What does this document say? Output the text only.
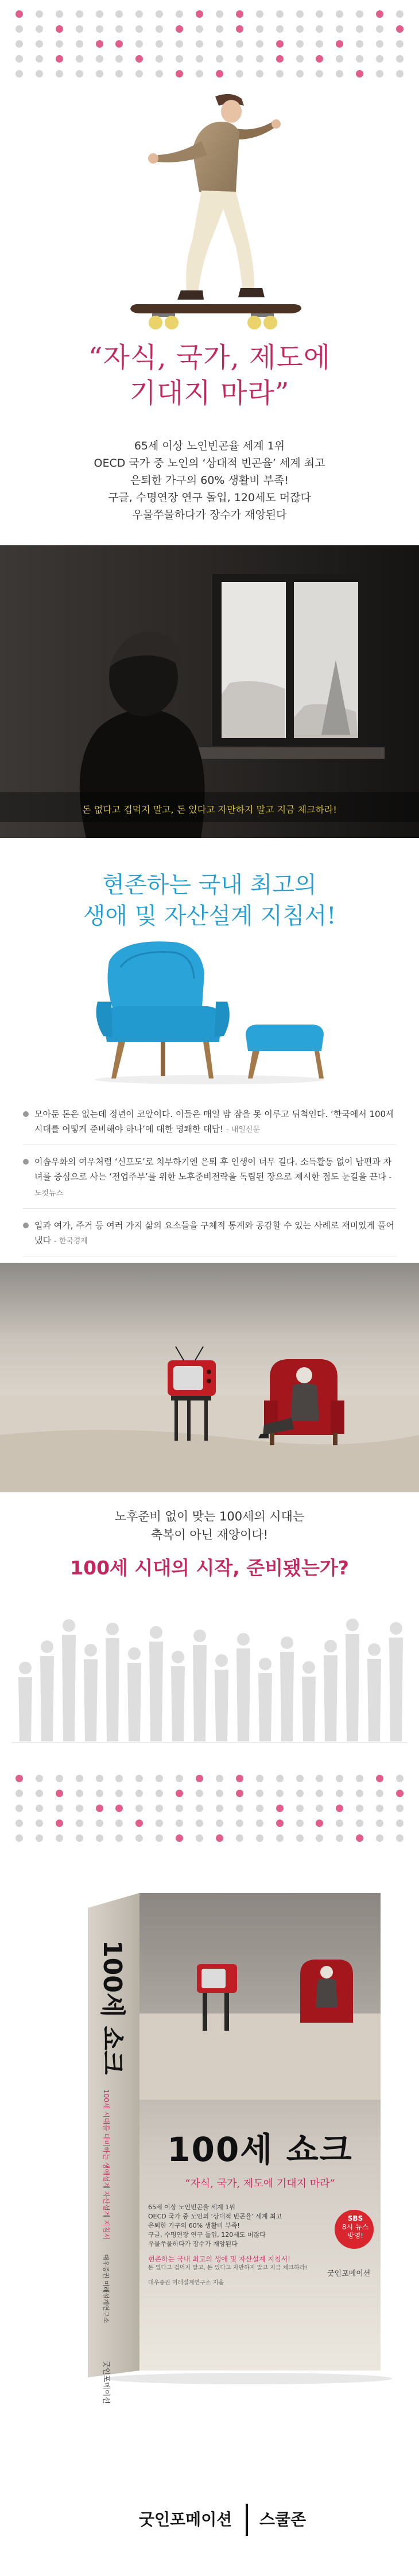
“자식, 국가, 제도에
기대지 마라”
65세 이상 노인빈곤율 세계 1위
OECD 국가 중 노인의 ‘상대적 빈곤율’ 세계 최고
은퇴한 가구의 60% 생활비 부족!
구글, 수명연장 연구 돌입, 120세도 머잖다
우물쭈물하다가 장수가 재앙된다
돈 없다고 겁먹지 말고, 돈 있다고 자만하지 말고 지금 체크하라!
현존하는 국내 최고의
생애 및 자산설계 지침서!
모아둔 돈은 없는데 정년이 코앞이다. 이들은 매일 밤 잠을 못 이루고 뒤척인다. ‘한국에서 100세 시대를 어떻게 준비해야 하나’에 대한 명쾌한 대답! - 내일신문
이솝우화의 여우처럼 ‘신포도’로 치부하기엔 은퇴 후 인생이 너무 길다. 소득활동 없이 남편과 자녀를 중심으로 사는 ‘전업주부’를 위한 노후준비전략을 독립된 장으로 제시한 점도 눈길을 끈다 - 노컷뉴스
일과 여가, 주거 등 여러 가지 삶의 요소들을 구체적 통계와 공감할 수 있는 사례로 재미있게 풀어냈다 - 한국경제
노후준비 없이 맞는 100세의 시대는
축복이 아닌 재앙이다!
100세 시대의 시작, 준비됐는가?
100세 쇼크 100세 시대를 대비하는 생애설계 자산설계 지침서 대우증권 미래설계연구소 굿인포메이션
100세 쇼크
“자식, 국가, 제도에 기대지 마라”
SBS
8시 뉴스
방영!
65세 이상 노인빈곤율 세계 1위
OECD 국가 중 노인의 ‘상대적 빈곤율’ 세계 최고
은퇴한 가구의 60% 생활비 부족!
구글, 수명연장 연구 돌입, 120세도 머잖다
우물쭈물하다가 장수가 재앙된다
현존하는 국내 최고의 생애 및 자산설계 지침서!
돈 없다고 겁먹지 말고, 돈 있다고 자만하지 말고 지금 체크하라!
대우증권 미래설계연구소 지음
굿인포메이션
굿인포메이션 스쿨존
